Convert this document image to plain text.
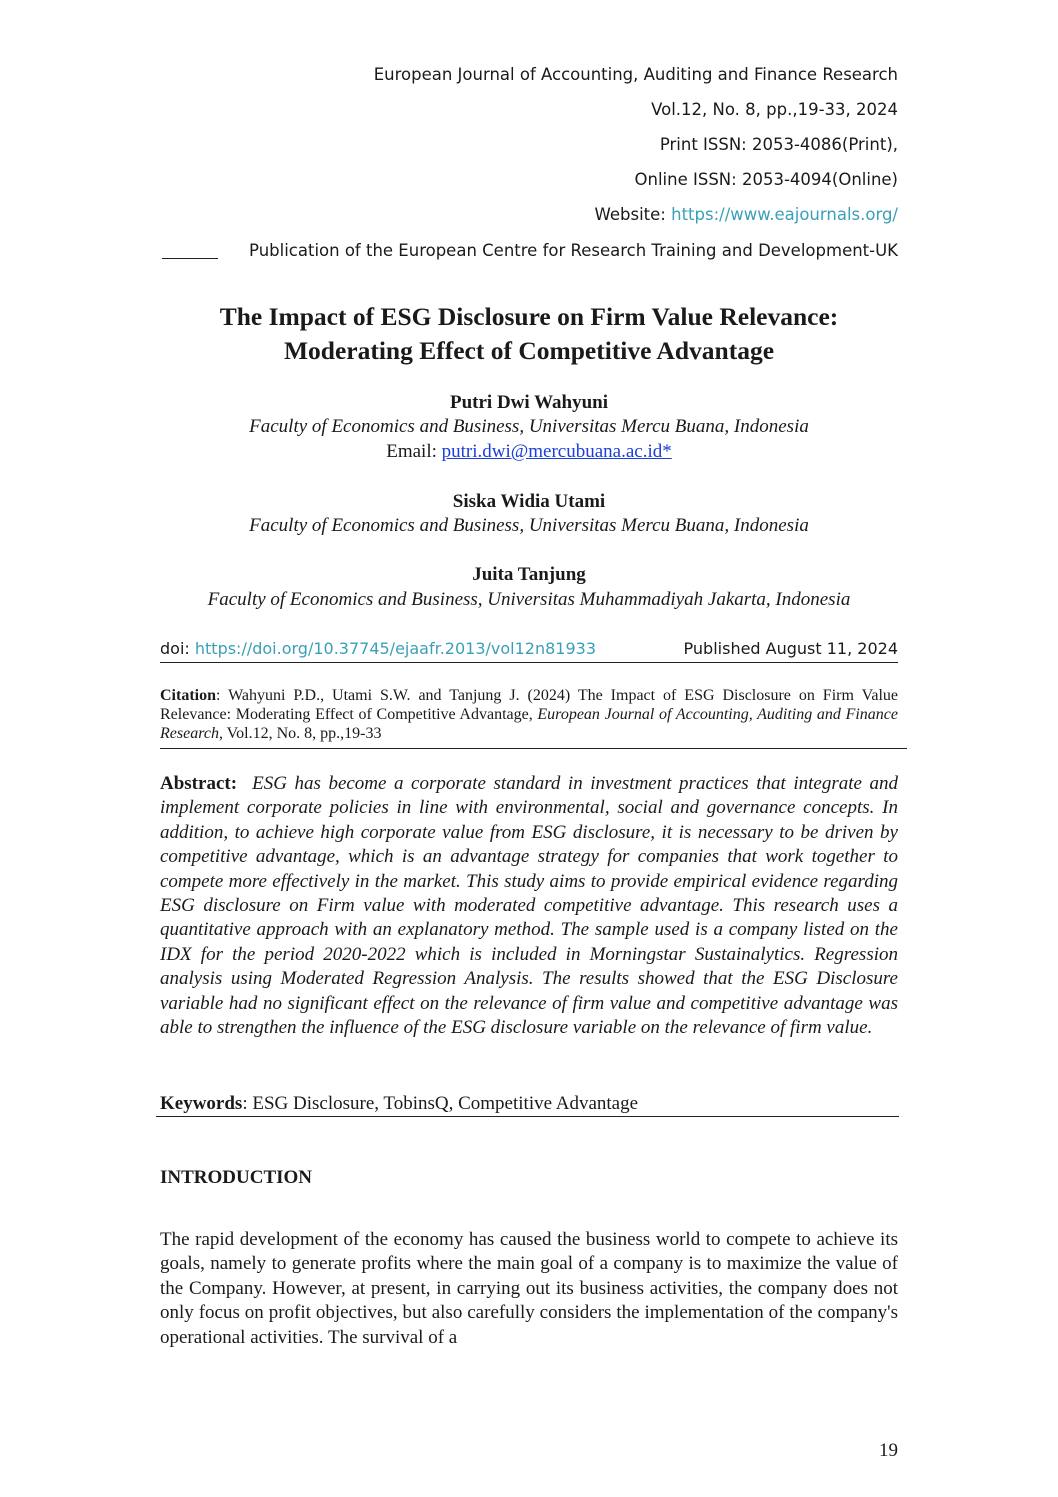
European Journal of Accounting, Auditing and Finance Research
Vol.12, No. 8, pp.,19-33, 2024
Print ISSN: 2053-4086(Print),
Online ISSN: 2053-4094(Online)
Website: https://www.eajournals.org/
Publication of the European Centre for Research Training and Development-UK
The Impact of ESG Disclosure on Firm Value Relevance:
Moderating Effect of Competitive Advantage
Putri Dwi Wahyuni
Faculty of Economics and Business, Universitas Mercu Buana, Indonesia
Email: putri.dwi@mercubuana.ac.id*
Siska Widia Utami
Faculty of Economics and Business, Universitas Mercu Buana, Indonesia
Juita Tanjung
Faculty of Economics and Business, Universitas Muhammadiyah Jakarta, Indonesia
doi: https://doi.org/10.37745/ejaafr.2013/vol12n81933	Published August 11, 2024
Citation: Wahyuni P.D., Utami S.W. and Tanjung J. (2024) The Impact of ESG Disclosure on Firm Value Relevance: Moderating Effect of Competitive Advantage, European Journal of Accounting, Auditing and Finance Research, Vol.12, No. 8, pp.,19-33
Abstract: ESG has become a corporate standard in investment practices that integrate and implement corporate policies in line with environmental, social and governance concepts. In addition, to achieve high corporate value from ESG disclosure, it is necessary to be driven by competitive advantage, which is an advantage strategy for companies that work together to compete more effectively in the market. This study aims to provide empirical evidence regarding ESG disclosure on Firm value with moderated competitive advantage. This research uses a quantitative approach with an explanatory method. The sample used is a company listed on the IDX for the period 2020-2022 which is included in Morningstar Sustainalytics. Regression analysis using Moderated Regression Analysis. The results showed that the ESG Disclosure variable had no significant effect on the relevance of firm value and competitive advantage was able to strengthen the influence of the ESG disclosure variable on the relevance of firm value.
Keywords: ESG Disclosure, TobinsQ, Competitive Advantage
INTRODUCTION
The rapid development of the economy has caused the business world to compete to achieve its goals, namely to generate profits where the main goal of a company is to maximize the value of the Company. However, at present, in carrying out its business activities, the company does not only focus on profit objectives, but also carefully considers the implementation of the company's operational activities. The survival of a
19
